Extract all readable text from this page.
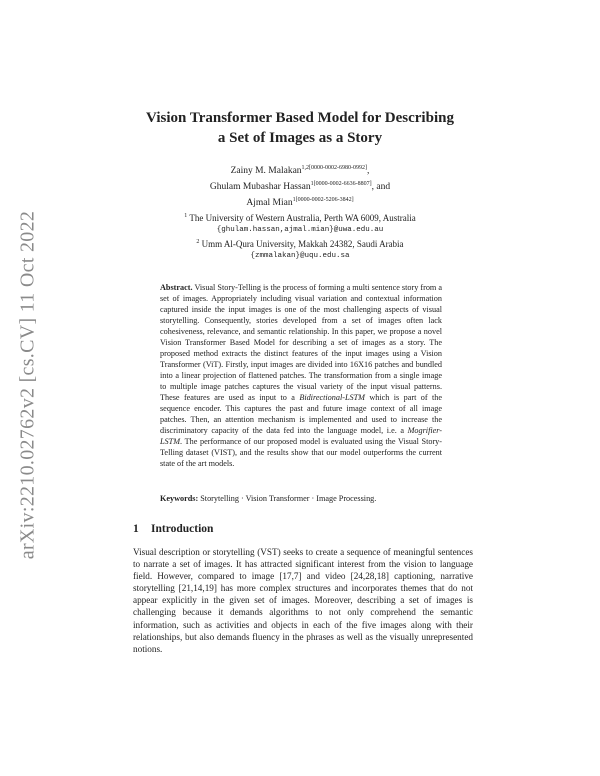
arXiv:2210.02762v2 [cs.CV] 11 Oct 2022
Vision Transformer Based Model for Describing
a Set of Images as a Story
Zainy M. Malakan$^{1,2[0000-0002-6980-0992]}$,
Ghulam Mubashar Hassan$^{1[0000-0002-6636-8807]}$, and
Ajmal Mian$^{1[0000-0002-5206-3842]}$
$^1$ The University of Western Australia, Perth WA 6009, Australia
{ghulam.hassan,ajmal.mian}@uwa.edu.au
$^2$ Umm Al-Qura University, Makkah 24382, Saudi Arabia
{zmmalakan}@uqu.edu.sa
Abstract. Visual Story-Telling is the process of forming a multi sentence story from a set of images. Appropriately including visual variation and contextual information captured inside the input images is one of the most challenging aspects of visual storytelling. Consequently, stories developed from a set of images often lack cohesiveness, relevance, and semantic relationship. In this paper, we propose a novel Vision Transformer Based Model for describing a set of images as a story. The proposed method extracts the distinct features of the input images using a Vision Transformer (ViT). Firstly, input images are divided into 16X16 patches and bundled into a linear projection of flattened patches. The transformation from a single image to multiple image patches captures the visual variety of the input visual patterns. These features are used as input to a Bidirectional-LSTM which is part of the sequence encoder. This captures the past and future image context of all image patches. Then, an attention mechanism is implemented and used to increase the discriminatory capacity of the data fed into the language model, i.e. a Mogrifier-LSTM. The performance of our proposed model is evaluated using the Visual Story-Telling dataset (VIST), and the results show that our model outperforms the current state of the art models.
Keywords: Storytelling · Vision Transformer · Image Processing.
1 Introduction
Visual description or storytelling (VST) seeks to create a sequence of meaningful sentences to narrate a set of images. It has attracted significant interest from the vision to language field. However, compared to image [17,7] and video [24,28,18] captioning, narrative storytelling [21,14,19] has more complex structures and incorporates themes that do not appear explicitly in the given set of images. Moreover, describing a set of images is challenging because it demands algorithms to not only comprehend the semantic information, such as activities and objects in each of the five images along with their relationships, but also demands fluency in the phrases as well as the visually unrepresented notions.
